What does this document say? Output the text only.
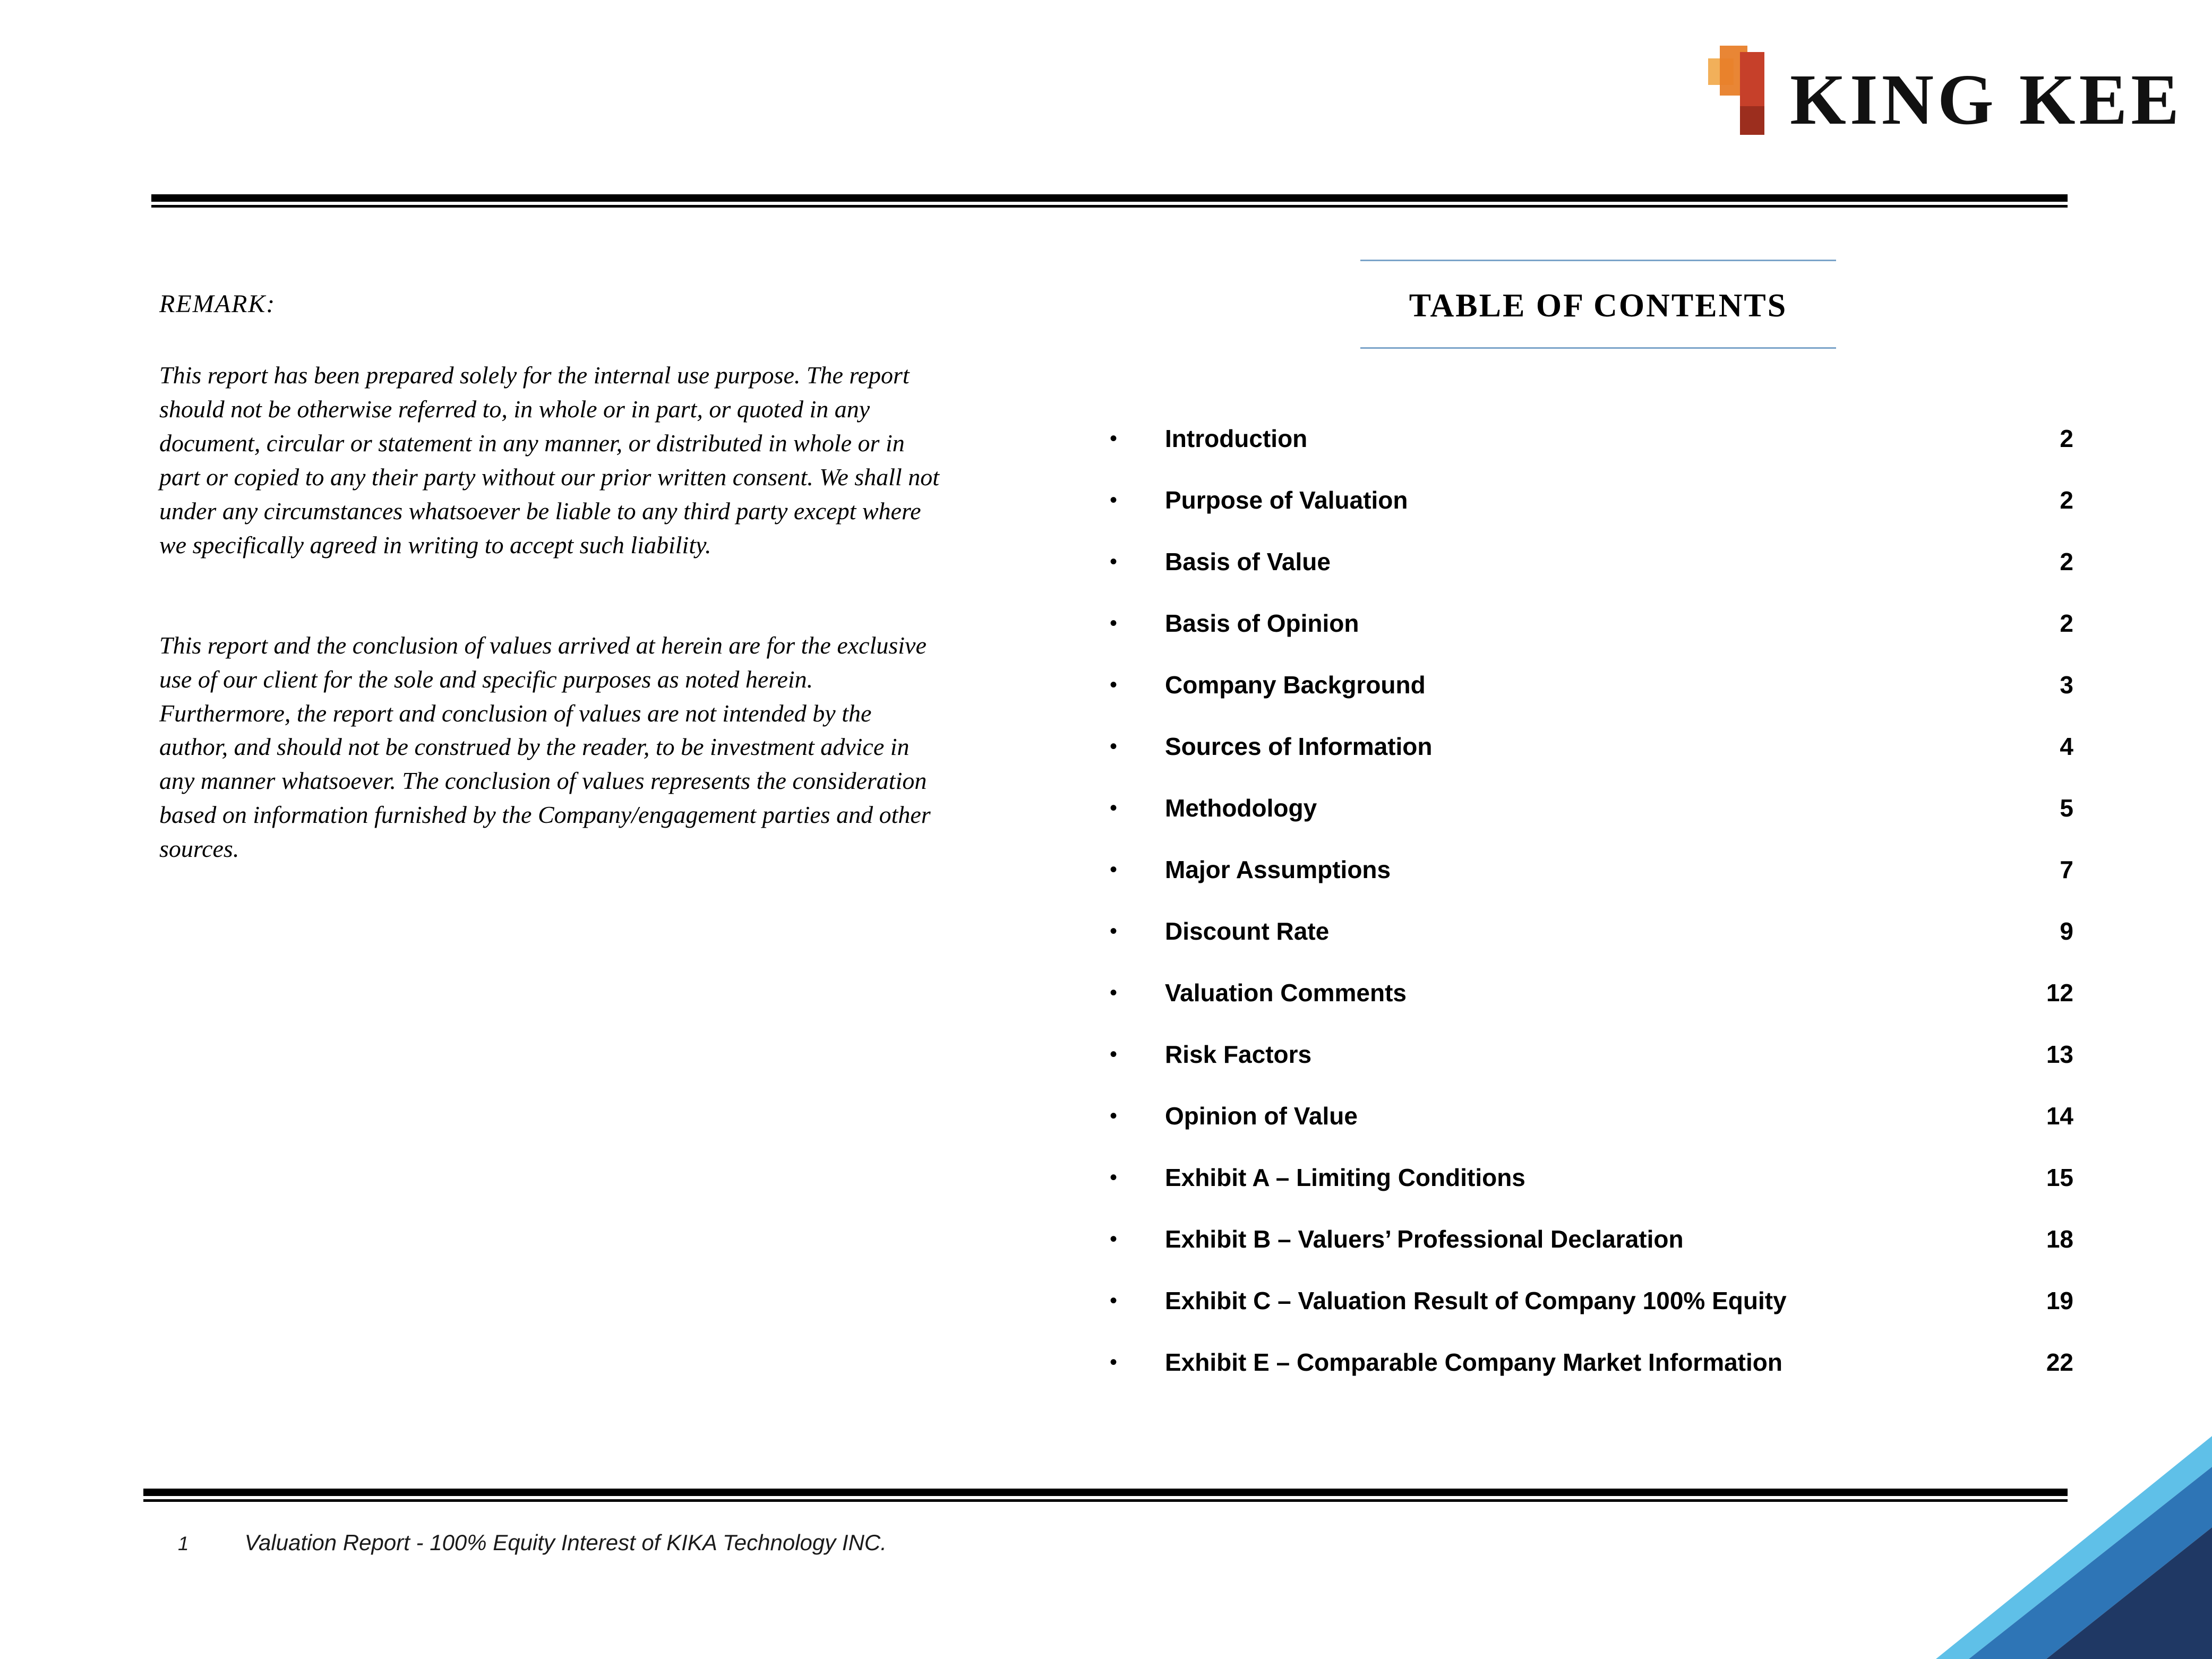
KING KEE
REMARK:

This report has been prepared solely for the internal use purpose. The report should not be otherwise referred to, in whole or in part, or quoted in any document, circular or statement in any manner, or distributed in whole or in part or copied to any their party without our prior written consent. We shall not under any circumstances whatsoever be liable to any third party except where we specifically agreed in writing to accept such liability.

This report and the conclusion of values arrived at herein are for the exclusive use of our client for the sole and specific purposes as noted herein. Furthermore, the report and conclusion of values are not intended by the author, and should not be construed by the reader, to be investment advice in any manner whatsoever. The conclusion of values represents the consideration based on information furnished by the Company/engagement parties and other sources.

TABLE OF CONTENTS
•	Introduction	2
•	Purpose of Valuation	2
•	Basis of Value	2
•	Basis of Opinion	2
•	Company Background	3
•	Sources of Information	4
•	Methodology	5
•	Major Assumptions	7
•	Discount Rate	9
•	Valuation Comments	12
•	Risk Factors	13
•	Opinion of Value	14
•	Exhibit A – Limiting Conditions	15
•	Exhibit B – Valuers’ Professional Declaration	18
•	Exhibit C – Valuation Result of Company 100% Equity	19
•	Exhibit E – Comparable Company Market Information	22
1	Valuation Report - 100% Equity Interest of KIKA Technology INC.
